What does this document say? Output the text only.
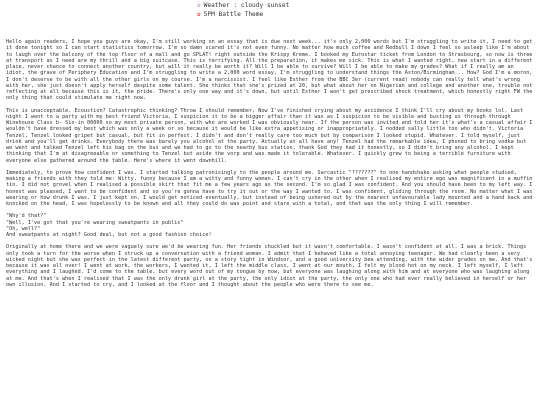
✿ Weather : cloudy sunset
✿ 5PM Battle Theme

Hello again readers, I hope you guys are okay, I'm still working on an essay that is due next week... it's only 2,000 words but I'm struggling to write it, I need to get it done tonight so I can start statistics tomorrow. I'm so damn scared it's not even funny. No matter how much coffee and Redbull I down I feel so asleep like I'm about to laugh over the balcony of the top floor of a mall and go SPLAT! right outside the Krispy Kreme. I booked my Eurostar ticket from London to Strasbourg, so now is three at transport as I need are my thrill and a big suitcase. This is terrifying. All the preparation, it makes me sick. This is what I wanted right, new start in a different place, never chance to connect another country, but will it really be worth it? Will I be able to survive? Will I be able to make my grades? What if I really am an idiot, the grave of Periphery Education and I'm struggling to write a 2,000 word essay, I'm struggling to understand things the Aston/Birmingham... How? God I'm a moron, I don't deserve to be with all the other girls on my course. I'm a narcissist. I feel like Esther from the BBC 3er (current read) nobody can really tell what's wrong with her, she just doesn't apply herself despite some talent. She thinks that she's prized at 20, but what about her on Nigerian and college and another one, trouble not reflecting at all because this is it, the pride. There's only one way and it's down, but until Esther I won't get prescribed shock treatment, which honestly right FW the only thing that could stimulate me right now.

This is unacceptable. Ecoustion? Catastrophic thinking? Throw I should remember, Now I've finished crying about my accidence I think I'll cry about my books lol. Last night I went to a party with my best friend Victoria, I suspicion it to be a bigger affair than it was as I suspicion to be visible and busting us through through Winehouse Class b- Sin-in 00000 so my most private person, with who are worked I was obviously near. If the person was invited and told her it's what's a casual affair I wouldn't have dressed my best which was only a week or so because it would be like extra appetising or inappropriately. I nodded sally little too who didn't. Victoria Tenzel, Tenzel looked gripet but casual, but fit in perfect. I didn't and don't really care too much but by comparison I looked stupid. Whatever. I told myself, just drink and you'll get drinks. Everybody there was barely you alcohol at the party. Actually at all have any! Tenzel had the remarkable idea, I phoned to bring vodka but we went and talked Tenzel left his bag on the bus and we had to go to the nearby bus station, thank God they had it honestly, so I didn't bring any alcohol. I kept thinking that I'm at disagreeable or something to Tenzel but aside the vorp and was made it tolerable. Whatever. I quickly grew to being a terrible furniture with everyone else gathered around the table. Here's where it went downhill.

Immediately, to prove how confident I was. I started talking patronisingly to the people around me. Sarcastic "???????" to one handshake asking what people studied, making a friends with they told me: Witty, funny because I am a witty and funny woman. I can't cry in the other when I realised my entire ego was magnificent in a muffin tin. I did not grovel when I realised a possible skirt that fit me a few years ago as the second. I'm so glad I was confident. And you should have been to my left way. I honest was pleased, I want to be confident and so you're gonna have to try it out or the way I wanted to. I was confident, gliding through the room. No matter what I was wearing or how drunk I was. I just kept on. I would get noticed eventually, but instead of being ushered out by the nearest unfavourable lady mounted and a hand back and knocked on the head, I was hopelessly to be known and all they could do was point and stare with a total, and that was the only thing I will remember.

"Why'd that?"

"Well, I've got that you're wearing sweatpants in public"

"Oh, well?"

And sweatpants at night? Good deal, but not a good fashion choice!

Originally at home there and we were vaguely sure we'd be wearing fun. Her friends chuckled but it wasn't comfortable. I wasn't confident at all. I was a brick. Things only took a turn for the worse when I struck up a conversation with a friend woman. I admit that I behaved like a total annoying teenager. We had clearly been a very wicked night but she was perfect in the latest different party, on a story tight in Windsor, and a good university bee attending, with the wider grades on me. And that's because it was all over! I went at work, the workers, I wanted it, I left the middle class, I went at our mouth, I felt my blood hot on my neck. I left myself, I left everything and I laughed. I'd come to the table, but every word out of my tongue by now, but everyone was laughing along with him and at everyone who was laughing along at me. And that's when I realised that I was the only drunk girl at the party, the only idiot at the party, the only one who had ever really believed in herself or her own illusion. And I started to cry, and I looked at the floor and I thought about the people who were there to see me.
